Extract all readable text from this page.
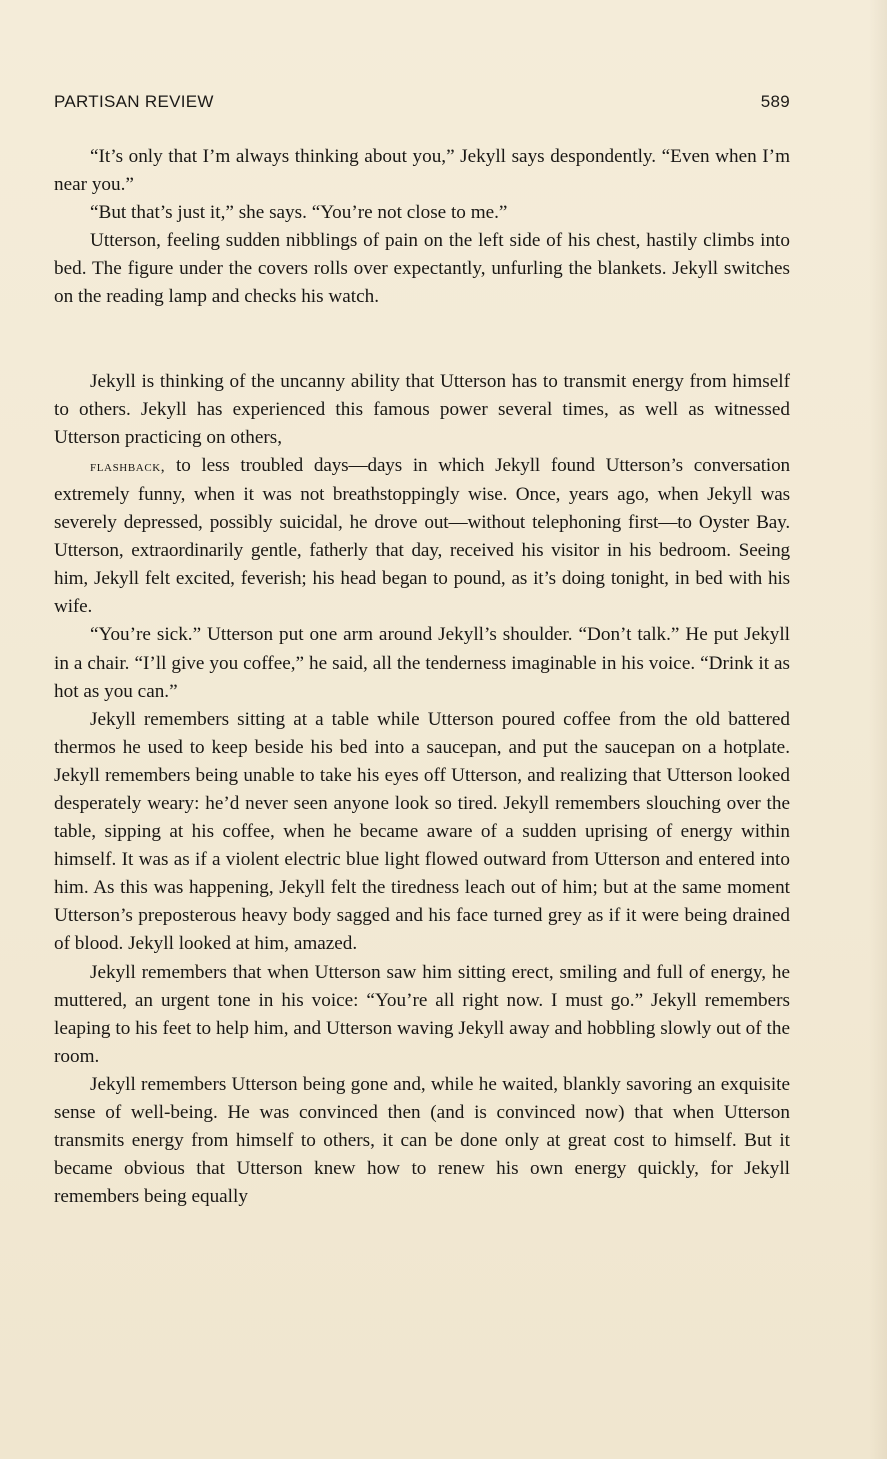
PARTISAN REVIEW	589

“It’s only that I’m always thinking about you,” Jekyll says despondently. “Even when I’m near you.”

“But that’s just it,” she says. “You’re not close to me.”

Utterson, feeling sudden nibblings of pain on the left side of his chest, hastily climbs into bed. The figure under the covers rolls over expectantly, unfurling the blankets. Jekyll switches on the reading lamp and checks his watch.

Jekyll is thinking of the uncanny ability that Utterson has to transmit energy from himself to others. Jekyll has experienced this famous power several times, as well as witnessed Utterson practicing on others,

flashback, to less troubled days—days in which Jekyll found Utterson’s conversation extremely funny, when it was not breathstoppingly wise. Once, years ago, when Jekyll was severely depressed, possibly suicidal, he drove out—without telephoning first—to Oyster Bay. Utterson, extraordinarily gentle, fatherly that day, received his visitor in his bedroom. Seeing him, Jekyll felt excited, feverish; his head began to pound, as it’s doing tonight, in bed with his wife.

“You’re sick.” Utterson put one arm around Jekyll’s shoulder. “Don’t talk.” He put Jekyll in a chair. “I’ll give you coffee,” he said, all the tenderness imaginable in his voice. “Drink it as hot as you can.”

Jekyll remembers sitting at a table while Utterson poured coffee from the old battered thermos he used to keep beside his bed into a saucepan, and put the saucepan on a hotplate. Jekyll remembers being unable to take his eyes off Utterson, and realizing that Utterson looked desperately weary: he’d never seen anyone look so tired. Jekyll remembers slouching over the table, sipping at his coffee, when he became aware of a sudden uprising of energy within himself. It was as if a violent electric blue light flowed outward from Utterson and entered into him. As this was happening, Jekyll felt the tiredness leach out of him; but at the same moment Utterson’s preposterous heavy body sagged and his face turned grey as if it were being drained of blood. Jekyll looked at him, amazed.

Jekyll remembers that when Utterson saw him sitting erect, smiling and full of energy, he muttered, an urgent tone in his voice: “You’re all right now. I must go.” Jekyll remembers leaping to his feet to help him, and Utterson waving Jekyll away and hobbling slowly out of the room.

Jekyll remembers Utterson being gone and, while he waited, blankly savoring an exquisite sense of well-being. He was convinced then (and is convinced now) that when Utterson transmits energy from himself to others, it can be done only at great cost to himself. But it became obvious that Utterson knew how to renew his own energy quickly, for Jekyll remembers being equally
